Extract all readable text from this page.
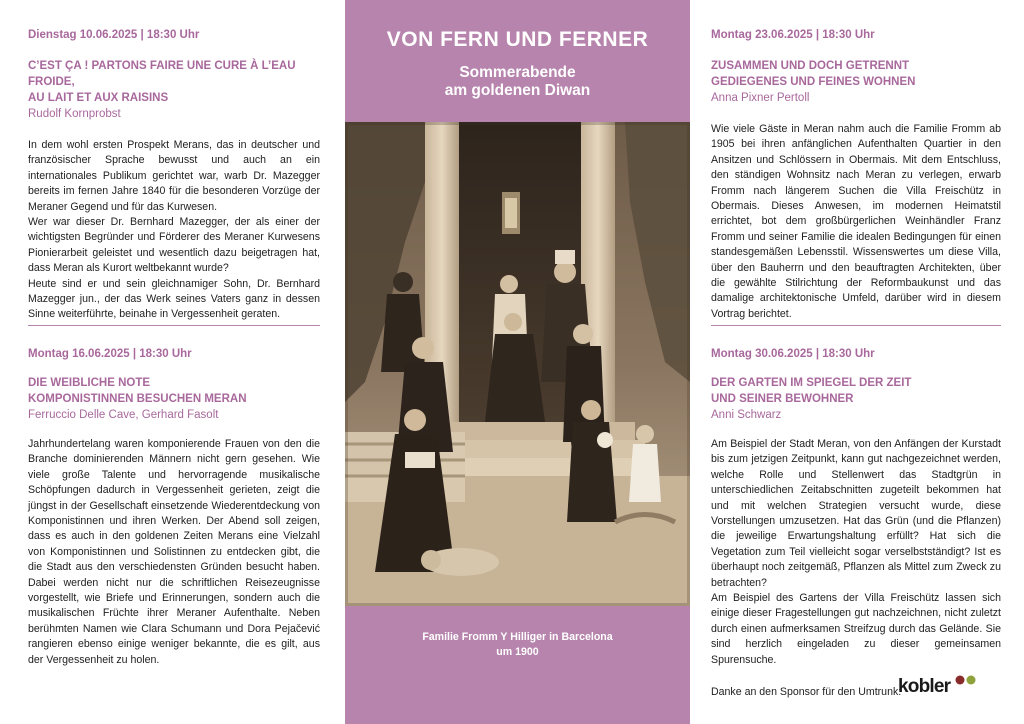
Dienstag 10.06.2025 | 18:30 Uhr

C’EST ÇA ! PARTONS FAIRE UNE CURE À L’EAU FROIDE,

AU LAIT ET AUX RAISINS

Rudolf Kornprobst

In dem wohl ersten Prospekt Merans, das in deutscher und französischer Sprache bewusst und auch an ein internationales Publikum gerichtet war, warb Dr. Mazegger bereits im fernen Jahre 1840 für die besonderen Vorzüge der Meraner Gegend und für das Kurwesen.

Wer war dieser Dr. Bernhard Mazegger, der als einer der wichtigsten Begründer und Förderer des Meraner Kurwesens Pionierarbeit geleistet und wesentlich dazu beigetragen hat, dass Meran als Kurort weltbekannt wurde?

Heute sind er und sein gleichnamiger Sohn, Dr. Bernhard Mazegger jun., der das Werk seines Vaters ganz in dessen Sinne weiterführte, beinahe in Vergessenheit geraten.

Montag 16.06.2025 | 18:30 Uhr

DIE WEIBLICHE NOTE

KOMPONISTINNEN BESUCHEN MERAN

Ferruccio Delle Cave, Gerhard Fasolt

Jahrhundertelang waren komponierende Frauen von den die Branche dominierenden Männern nicht gern gesehen. Wie viele große Talente und hervorragende musikalische Schöpfungen dadurch in Vergessenheit gerieten, zeigt die jüngst in der Gesellschaft einsetzende Wiederentdeckung von Komponistinnen und ihren Werken. Der Abend soll zeigen, dass es auch in den goldenen Zeiten Merans eine Vielzahl von Komponistinnen und Solistinnen zu entdecken gibt, die die Stadt aus den verschiedensten Gründen besucht haben. Dabei werden nicht nur die schriftlichen Reisezeugnisse vorgestellt, wie Briefe und Erinnerungen, sondern auch die musikalischen Früchte ihrer Meraner Aufenthalte. Neben berühmten Namen wie Clara Schumann und Dora Pejačević rangieren ebenso einige weniger bekannte, die es gilt, aus der Vergessenheit zu holen.

VON FERN UND FERNER
Sommerabende
am goldenen Diwan
Familie Fromm Y Hilliger in Barcelona
um 1900

Montag 23.06.2025 | 18:30 Uhr

ZUSAMMEN UND DOCH GETRENNT

GEDIEGENES UND FEINES WOHNEN

Anna Pixner Pertoll

Wie viele Gäste in Meran nahm auch die Familie Fromm ab 1905 bei ihren anfänglichen Aufenthalten Quartier in den Ansitzen und Schlössern in Obermais. Mit dem Entschluss, den ständigen Wohnsitz nach Meran zu verlegen, erwarb Fromm nach längerem Suchen die Villa Freischütz in Obermais. Dieses Anwesen, im modernen Heimatstil errichtet, bot dem großbürgerlichen Weinhändler Franz Fromm und seiner Familie die idealen Bedingungen für einen standesgemäßen Lebensstil. Wissenswertes um diese Villa, über den Bauherrn und den beauftragten Architekten, über die gewählte Stilrichtung der Reformbaukunst und das damalige architektonische Umfeld, darüber wird in diesem Vortrag berichtet.

Montag 30.06.2025 | 18:30 Uhr

DER GARTEN IM SPIEGEL DER ZEIT

UND SEINER BEWOHNER

Anni Schwarz

Am Beispiel der Stadt Meran, von den Anfängen der Kurstadt bis zum jetzigen Zeitpunkt, kann gut nachgezeichnet werden, welche Rolle und Stellenwert das Stadtgrün in unterschiedlichen Zeitabschnitten zugeteilt bekommen hat und mit welchen Strategien versucht wurde, diese Vorstellungen umzusetzen. Hat das Grün (und die Pflanzen) die jeweilige Erwartungshaltung erfüllt? Hat sich die Vegetation zum Teil vielleicht sogar verselbstständigt? Ist es überhaupt noch zeitgemäß, Pflanzen als Mittel zum Zweck zu betrachten?

Am Beispiel des Gartens der Villa Freischütz lassen sich einige dieser Fragestellungen gut nachzeichnen, nicht zuletzt durch einen aufmerksamen Streifzug durch das Gelände. Sie sind herzlich eingeladen zu dieser gemeinsamen Spurensuche.

Danke an den Sponsor für den Umtrunk:
kobler
